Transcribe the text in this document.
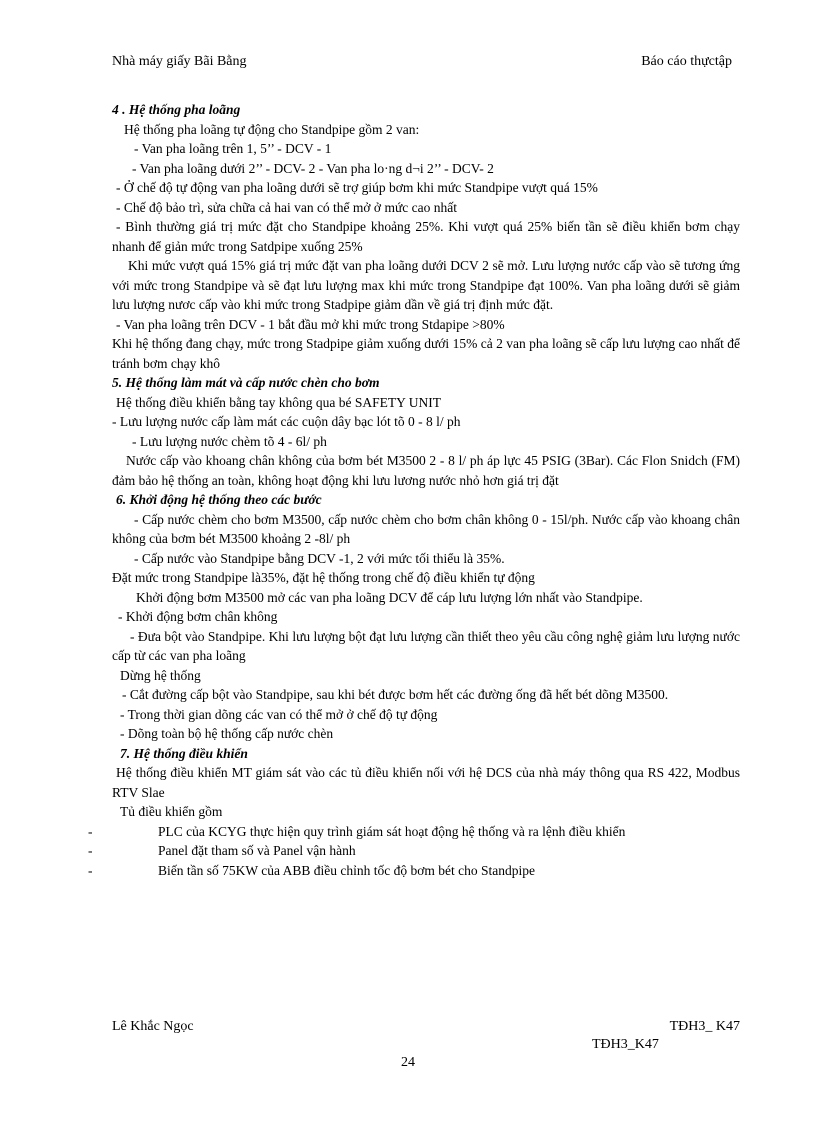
Nhà máy giấy Bãi Bằng	Báo cáo thựctập

4 . Hệ thống pha loãng

Hệ thống pha loãng tự động cho Standpipe gồm 2 van:

- Van pha loãng trên 1, 5’’ - DCV - 1

- Van pha loãng dưới 2’’ - DCV- 2 - Van pha lo·ng d¬i 2’’ - DCV- 2

- Ở chế độ tự động van pha loãng dưới sẽ trợ giúp bơm khi mức Standpipe vượt quá 15%

- Chế độ bảo trì, sửa chữa cả hai van có thể mở ở mức cao nhất

- Bình thường giá trị mức đặt cho Standpipe khoảng 25%. Khi vượt quá 25% biến tần sẽ điều khiển bơm chạy nhanh để giản mức trong Satdpipe xuống 25%

Khi mức vượt quá 15% giá trị mức đặt van pha loãng dưới DCV 2 sẽ mở. Lưu lượng nước cấp vào sẽ tương ứng với mức trong Standpipe và sẽ đạt lưu lượng max khi mức trong Standpipe đạt 100%. Van pha loãng dưới sẽ giảm lưu lượng nươc cấp vào khi mức trong Stadpipe giảm dần về giá trị định mức đặt.

- Van pha loãng trên DCV - 1 bắt đầu mở khi mức trong Stdapipe >80%

Khi hệ thống đang chạy, mức trong Stadpipe giảm xuống dưới 15% cả 2 van pha loãng sẽ cấp lưu lượng cao nhất để tránh bơm chạy khô

5. Hệ thống làm mát và cấp nước chèn cho bơm

Hệ thống điều khiển bằng tay không qua bé SAFETY UNIT

- Lưu lượng nước cấp làm mát các cuộn dây bạc lót tõ 0 - 8 l/ ph

- Lưu lượng nước chèm tõ 4 - 6l/ ph

Nước cấp vào khoang chân không của bơm bét M3500 2 - 8 l/ ph áp lực 45 PSIG (3Bar). Các Flon Snidch (FM) đảm bảo hệ thống an toàn, không hoạt động khi lưu lương nước nhỏ hơn giá trị đặt

6. Khởi động hệ thống theo các bước

- Cấp nước chèm cho bơm M3500, cấp nước chèm cho bơm chân không 0 - 15l/ph. Nước cấp vào khoang chân không của bơm bét M3500 khoảng 2 -8l/ ph

- Cấp nước vào Standpipe bằng DCV -1, 2 với mức tối thiểu là 35%.

Đặt mức trong Standpipe là35%, đặt hệ thống trong chế độ điều khiển tự động

Khởi động bơm M3500 mở các van pha loãng DCV để cáp lưu lượng lớn nhất vào Standpipe.

- Khởi động bơm chân không

- Đưa bột vào Standpipe. Khi lưu lượng bột đạt lưu lượng cần thiết theo yêu cầu công nghệ giảm lưu lượng nước cấp từ các van pha loãng

Dừng hệ thống

- Cắt đường cấp bột vào Standpipe, sau khi bét được bơm hết các đường ống đã hết bét dõng M3500.

- Trong thời gian dõng các van có thể mở ở chế độ tự động

- Dõng toàn bộ hệ thống cấp nước chèn

7. Hệ thống điều khiển

Hệ thống điều khiển MT giám sát vào các tủ điều khiển nối với hệ DCS của nhà máy thông qua RS 422, Modbus RTV Slae

Tủ điều khiển gồm

-	PLC của KCYG thực hiện quy trình giám sát hoạt động hệ thống và ra lệnh điều khiển

-	Panel đặt tham số và Panel vận hành

-	Biến tần số 75KW của ABB điều chỉnh tốc độ bơm bét cho Standpipe

Lê Khắc Ngọc	TĐH3_ K47
TĐH3_K47
24
